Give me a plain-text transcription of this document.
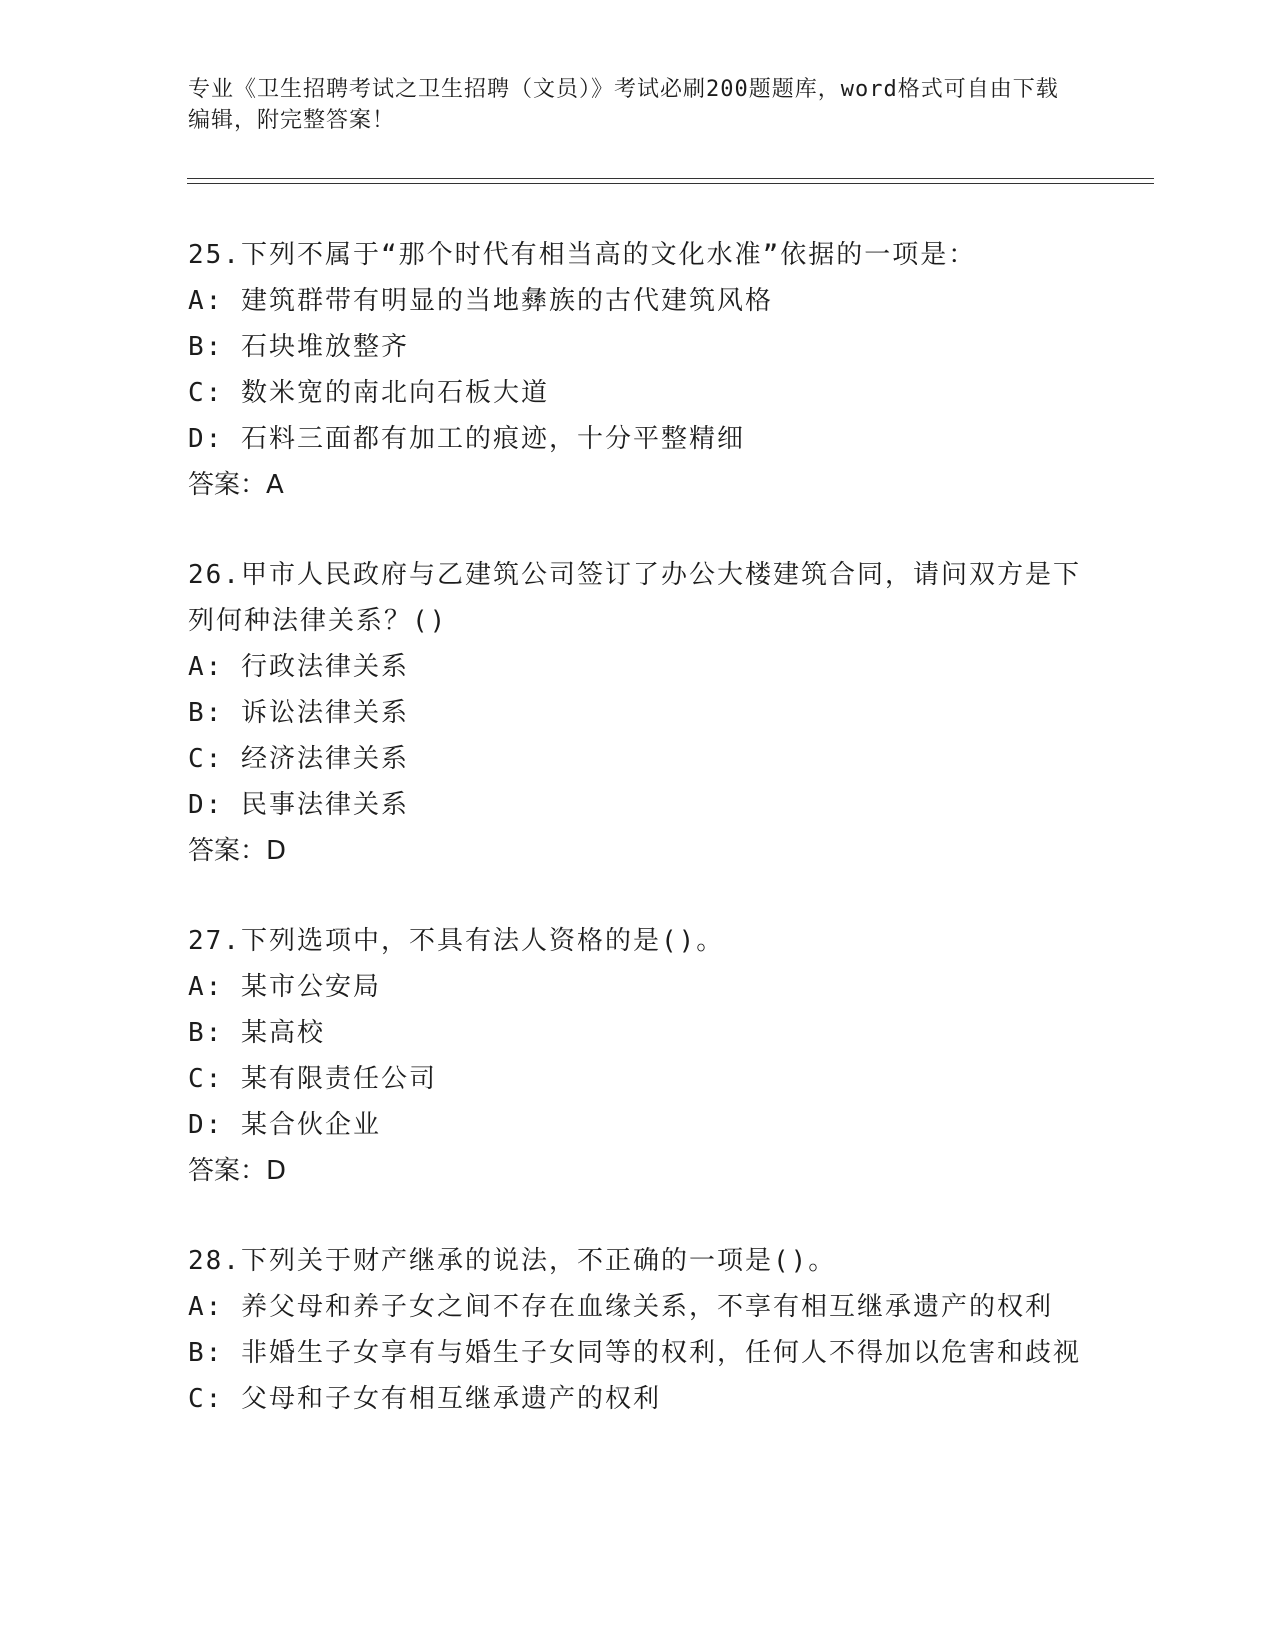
专业《卫生招聘考试之卫生招聘（文员）》考试必刷200题题库，word格式可自由下载编辑，附完整答案！
25.下列不属于“那个时代有相当高的文化水准”依据的一项是：
A: 建筑群带有明显的当地彝族的古代建筑风格
B: 石块堆放整齐
C: 数米宽的南北向石板大道
D: 石料三面都有加工的痕迹，十分平整精细
答案：A
26.甲市人民政府与乙建筑公司签订了办公大楼建筑合同，请问双方是下列何种法律关系？()
A: 行政法律关系
B: 诉讼法律关系
C: 经济法律关系
D: 民事法律关系
答案：D
27.下列选项中，不具有法人资格的是()。
A: 某市公安局
B: 某高校
C: 某有限责任公司
D: 某合伙企业
答案：D
28.下列关于财产继承的说法，不正确的一项是()。
A: 养父母和养子女之间不存在血缘关系，不享有相互继承遗产的权利
B: 非婚生子女享有与婚生子女同等的权利，任何人不得加以危害和歧视
C: 父母和子女有相互继承遗产的权利
